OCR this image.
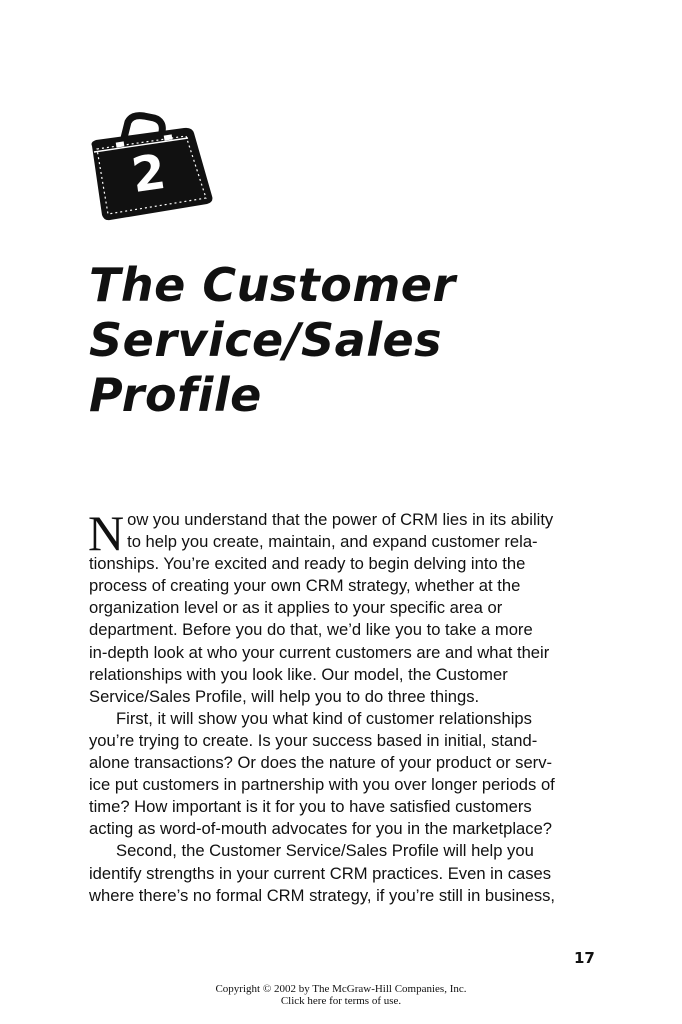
2
The Customer
Service/Sales
Profile

N ow you understand that the power of CRM lies in its ability
to help you create, maintain, and expand customer rela-
tionships. You’re excited and ready to begin delving into the
process of creating your own CRM strategy, whether at the
organization level or as it applies to your specific area or
department. Before you do that, we’d like you to take a more
in-depth look at who your current customers are and what their
relationships with you look like. Our model, the Customer
Service/Sales Profile, will help you to do three things.

First, it will show you what kind of customer relationships
you’re trying to create. Is your success based in initial, stand-
alone transactions? Or does the nature of your product or serv-
ice put customers in partnership with you over longer periods of
time? How important is it for you to have satisfied customers
acting as word-of-mouth advocates for you in the marketplace?

Second, the Customer Service/Sales Profile will help you
identify strengths in your current CRM practices. Even in cases
where there’s no formal CRM strategy, if you’re still in business,

17
Copyright © 2002 by The McGraw-Hill Companies, Inc.
Click here for terms of use.
